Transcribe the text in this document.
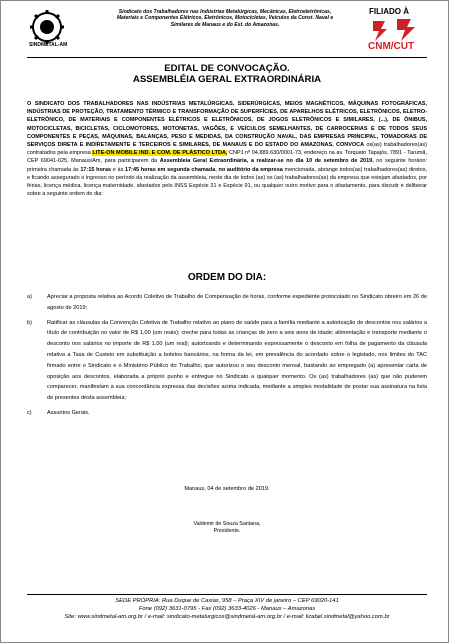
SINDMETAL-AM
Sindicato dos Trabalhadores nas Indústrias Metalúrgicas, Mecânicas, Eletroeletrônicas, Materiais e Componentes Elétricos, Eletrônicos, Motocicletas, Veículos da Const. Naval e Similares de Manaus e do Est. do Amazonas.
FILIADO À
CNM/CUT
EDITAL DE CONVOCAÇÃO.
ASSEMBLÉIA GERAL EXTRAORDINÁRIA
O SINDICATO DOS TRABALHADORES NAS INDÚSTRIAS METALÚRGICAS, SIDERÚRGICAS, MEIOS MAGNÉTICOS, MÁQUINAS FOTOGRÁFICAS, INDÚSTRIAS DE PROTEÇÃO, TRATAMENTO TÉRMICO E TRANSFORMAÇÃO DE SUPERFÍCIES, DE APARELHOS ELÉTRICOS, ELETRÔNICOS, ELETRO-ELETRÔNICO, DE MATERIAIS E COMPONENTES ELÉTRICOS E ELETRÔNICOS, DE JOGOS ELETRÔNICOS E SIMILARES, (...), DE ÔNIBUS, MOTOCICLETAS, BICICLETAS, CICLOMOTORES, MOTONETAS, VAGÕES, E VEÍCULOS SEMELHANTES, DE CARROCERIAS E DE TODOS SEUS COMPONENTES E PEÇAS, MÁQUINAS, BALANÇAS, PESO E MEDIDAS, DA CONSTRUÇÃO NAVAL, DAS EMPRESAS PRINCIPAL, TOMADORAS DE SERVIÇOS DIRETA E INDIRETAMENTE E TERCEIROS E SIMILARES, DE MANAUS E DO ESTADO DO AMAZONAS, CONVOCA os(as) trabalhadores(as) contratados pela empresa LITE-ON MOBILE IND. E COM. DE PLÁSTICO LTDA, CNPJ nº 04.889.630/0001-73, endereço na av. Torquato Tapajós, 7891 - Tarumã, CEP 69041-025, Manaus/Am, para participarem da Assembleia Geral Extraordinária, a realizar-se no dia 10 de setembro de 2019, no seguinte horário: primeira chamada às 17:15 horas e às 17:45 horas em segunda chamada, no auditório da empresa mencionada, abrange todos(as) trabalhadores(as) diretos, e ficando assegurado o ingresso no período da realização da assembleia, neste dia de todos (as) os (as) trabalhadores(as) da empresa que estejam afastados, por férias, licença médica, licença maternidade, afastados pelo INSS Espécie 31 e Espécie 91, ou qualquer outro motivo para o afastamento, para discutir e deliberar sobre a seguinte ordem do dia:
ORDEM DO DIA:
a)	Apreciar a proposta relativa ao Acordo Coletivo de Trabalho de Compensação de horas, conforme expediente protocolado no Sindicato obreiro em 26 de agosto de 2019;
b)	Ratificar as cláusulas da Convenção Coletiva de Trabalho relativo ao piano de saúde para a família mediante a autorização de descontos nos salários a título de contribuição no valor de R$ 1,00 (um reais); creche para todas as crianças de zero a seis anos de idade; alimentação e transporte mediante o desconto nos salários no importe de R$ 1,00 (um real); autorizando e determinando expressamente o desconto em folha de pagamento da cláusula relativa a Taxa de Custeio em substituição a boletos bancários, na forma da lei, em prevalência do acordado sobre o legislado, nos limites do TAC firmado entre o Sindicato e o Ministério Público do Trabalho, que autorizou o seu desconto mensal, bastando ao empregado (a) apresentar carta de oposição aos descontos, elaborada a próprio punho e entregue no Sindicato a qualquer momento. Os (as) trabalhadores (as) que não puderem comparecer, manifestam a sua concordância expressa das decisões acima indicada, mediante a simples modalidade de postar sua assinatura na lista de presentes desta assembleia;
c)	Assuntos Gerais.
Manaus, 04 de setembro de 2019.
Valdemir de Souza Santana,
Presidente.
SEDE PRÓPRIA: Rua Duque de Caxias, 958 – Praça XIV de janeiro – CEP 69020-141
Fone (092) 3631-0795 - Fax (092) 3633-4026 - Manaus – Amazonas
Site: www.sindmetal-am.org.br / e-mail: sindicato-metalurgicos@sindmetal-am.org.br / e-mail: lizabel.sindmetal@yahoo.com.br
